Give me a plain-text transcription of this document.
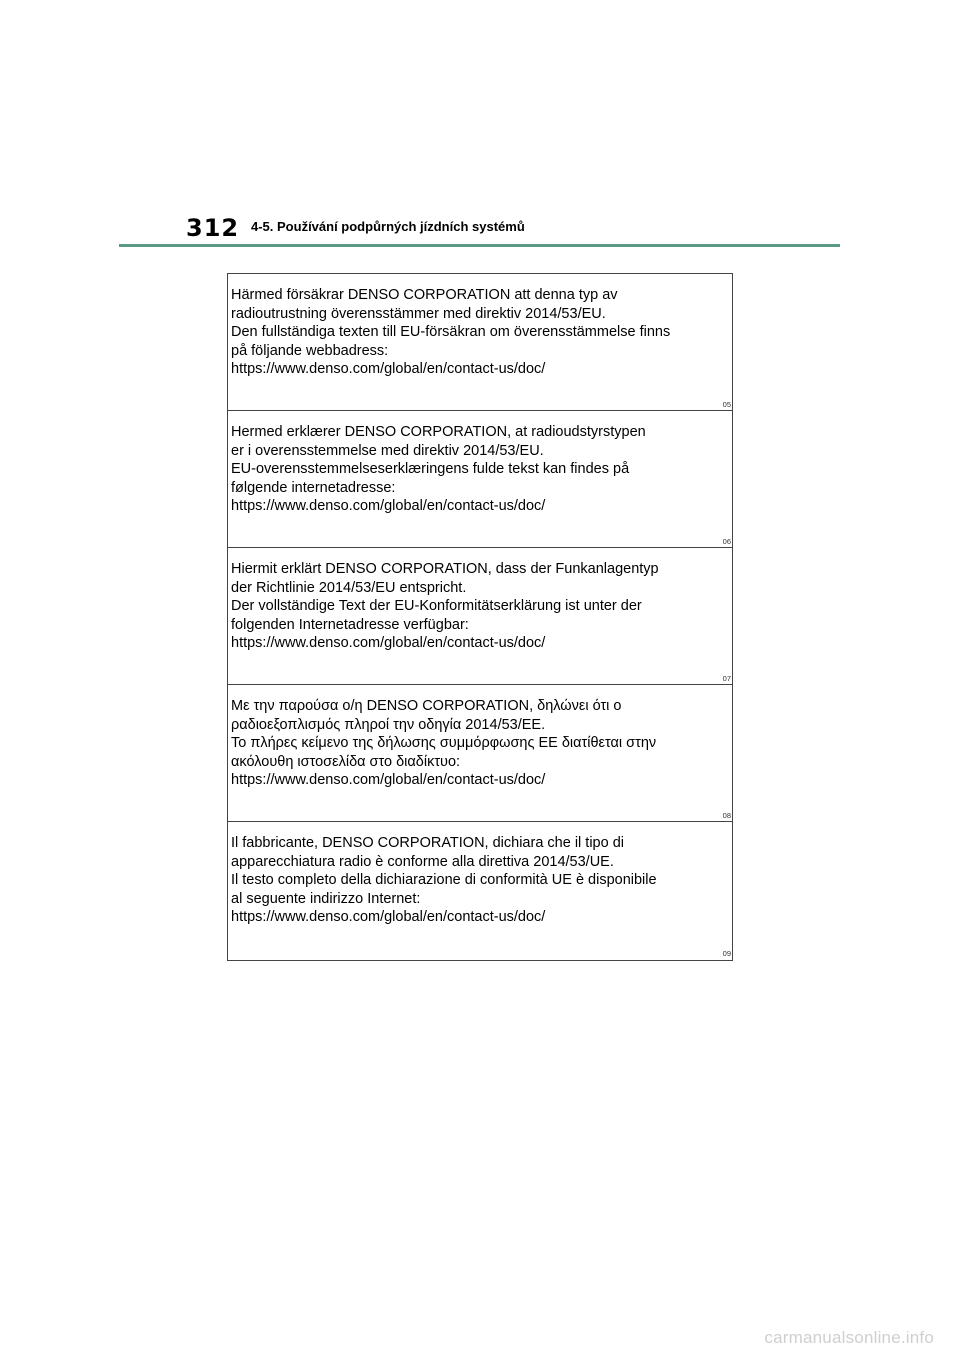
312 4-5. Používání podpůrných jízdních systémů
Härmed försäkrar DENSO CORPORATION att denna typ av
radioutrustning överensstämmer med direktiv 2014/53/EU.
Den fullständiga texten till EU-försäkran om överensstämmelse finns
på följande webbadress:
https://www.denso.com/global/en/contact-us/doc/
05
Hermed erklærer DENSO CORPORATION, at radioudstyrstypen
er i overensstemmelse med direktiv 2014/53/EU.
EU-overensstemmelseserklæringens fulde tekst kan findes på
følgende internetadresse:
https://www.denso.com/global/en/contact-us/doc/
06
Hiermit erklärt DENSO CORPORATION, dass der Funkanlagentyp
der Richtlinie 2014/53/EU entspricht.
Der vollständige Text der EU-Konformitätserklärung ist unter der
folgenden Internetadresse verfügbar:
https://www.denso.com/global/en/contact-us/doc/
07
Με την παρούσα ο/η DENSO CORPORATION, δηλώνει ότι ο
ραδιοεξοπλισμός πληροί την οδηγία 2014/53/ΕΕ.
Το πλήρες κείμενο της δήλωσης συμμόρφωσης ΕΕ διατίθεται στην
ακόλουθη ιστοσελίδα στο διαδίκτυο:
https://www.denso.com/global/en/contact-us/doc/
08
Il fabbricante, DENSO CORPORATION, dichiara che il tipo di
apparecchiatura radio è conforme alla direttiva 2014/53/UE.
Il testo completo della dichiarazione di conformità UE è disponibile
al seguente indirizzo Internet:
https://www.denso.com/global/en/contact-us/doc/
09
carmanualsonline.info
